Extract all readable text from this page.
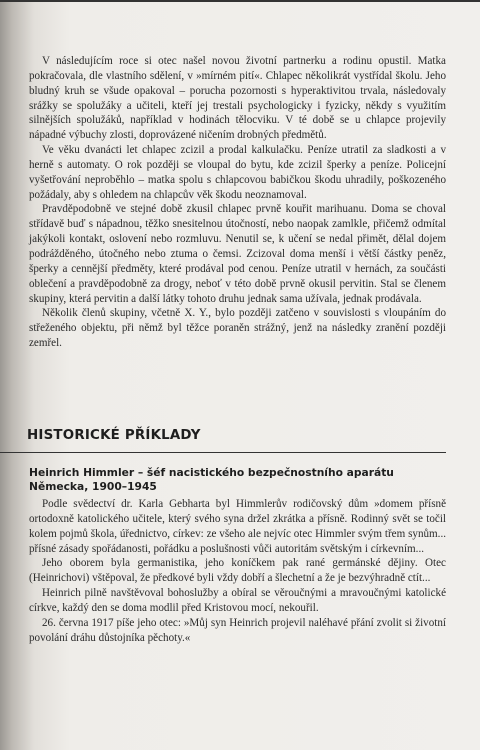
V následujícím roce si otec našel novou životní partnerku a rodinu opustil. Matka pokračovala, dle vlastního sdělení, v »mírném pití«. Chlapec několikrát vystřídal školu. Jeho bludný kruh se všude opakoval – porucha pozornosti s hyperaktivitou trvala, následovaly srážky se spolužáky a učiteli, kteří jej trestali psychologicky i fyzicky, někdy s využitím silnějších spolužáků, například v hodinách tělocviku. V té době se u chlapce projevily nápadné výbuchy zlosti, doprovázené ničením drobných předmětů.

Ve věku dvanácti let chlapec zcizil a prodal kalkulačku. Peníze utratil za sladkosti a v herně s automaty. O rok později se vloupal do bytu, kde zcizil šperky a peníze. Policejní vyšetřování neproběhlo – matka spolu s chlapcovou babičkou škodu uhradily, poškozeného požádaly, aby s ohledem na chlapcův věk škodu neoznamoval.

Pravděpodobně ve stejné době zkusil chlapec prvně kouřit marihuanu. Doma se choval střídavě buď s nápadnou, těžko snesitelnou útočností, nebo naopak zamlkle, přičemž odmítal jakýkoli kontakt, oslovení nebo rozmluvu. Nenutil se, k učení se nedal přimět, dělal dojem podrážděného, útočného nebo ztuma o čemsi. Zcizoval doma menší i větší částky peněz, šperky a cennější předměty, které prodával pod cenou. Peníze utratil v hernách, za součásti oblečení a pravděpodobně za drogy, neboť v této době prvně okusil pervitin. Stal se členem skupiny, která pervitin a další látky tohoto druhu jednak sama užívala, jednak prodávala.

Několik členů skupiny, včetně X. Y., bylo později zatčeno v souvislosti s vloupáním do střeženého objektu, při němž byl těžce poraněn strážný, jenž na následky zranění později zemřel.

HISTORICKÉ PŘÍKLADY
Heinrich Himmler – šéf nacistického bezpečnostního aparátu Německa, 1900–1945

Podle svědectví dr. Karla Gebharta byl Himmlerův rodičovský dům »domem přísně ortodoxně katolického učitele, který svého syna držel zkrátka a přísně. Rodinný svět se točil kolem pojmů škola, úřednictvo, církev: ze všeho ale nejvíc otec Himmler svým třem synům... přísné zásady spořádanosti, pořádku a poslušnosti vůči autoritám světským i církevním...

Jeho oborem byla germanistika, jeho koníčkem pak rané germánské dějiny. Otec (Heinrichovi) vštěpoval, že předkové byli vždy dobří a šlechetní a že je bezvýhradně ctít...

Heinrich pilně navštěvoval bohoslužby a obíral se věroučnými a mravoučnými katolické církve, každý den se doma modlil před Kristovou mocí, nekouřil.

26. června 1917 píše jeho otec: »Můj syn Heinrich projevil naléhavé přání zvolit si životní povolání dráhu důstojníka pěchoty.«
